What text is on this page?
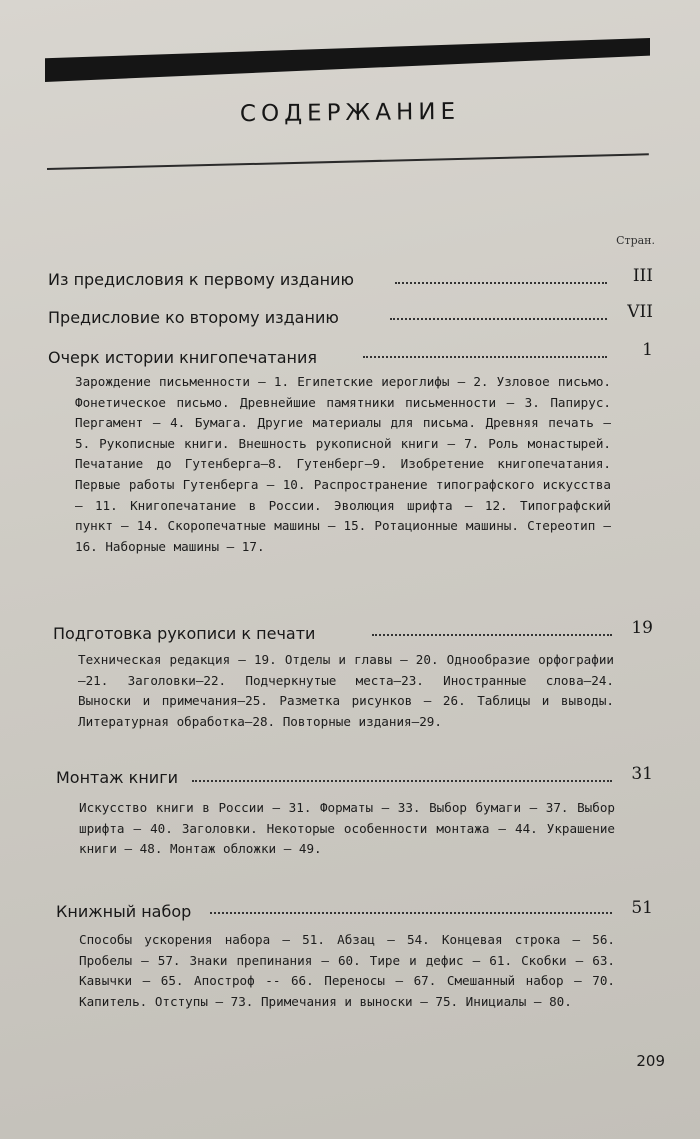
СОДЕРЖАНИЕ
Стран.
Из предисловия к первому изданию	III
Предисловие ко второму изданию	VII
Очерк истории книгопечатания	1
Зарождение письменности — 1. Египетские иероглифы — 2. Узловое письмо. Фонетическое письмо. Древнейшие памятники письменности — 3. Папирус. Пергамент — 4. Бумага. Другие материалы для письма. Древняя печать — 5. Рукописные книги. Внешность рукописной книги — 7. Роль монастырей. Печатание до Гутенберга—8. Гутенберг—9. Изобретение книгопечатания. Первые работы Гутенберга — 10. Распространение типографского искусства — 11. Книгопечатание в России. Эволюция шрифта — 12. Типографский пункт — 14. Скоропечатные машины — 15. Ротационные машины. Стереотип — 16. Наборные машины — 17.
Подготовка рукописи к печати	19
Техническая редакция — 19. Отделы и главы — 20. Однообразие орфографии—21. Заголовки—22. Подчеркнутые места—23. Иностранные слова—24. Выноски и примечания—25. Разметка рисунков — 26. Таблицы и выводы. Литературная обработка—28. Повторные издания—29.
Монтаж книги	31
Искусство книги в России — 31. Форматы — 33. Выбор бумаги — 37. Выбор шрифта — 40. Заголовки. Некоторые особенности монтажа — 44. Украшение книги — 48. Монтаж обложки — 49.
Книжный набор	51
Способы ускорения набора — 51. Абзац — 54. Концевая строка — 56. Пробелы — 57. Знаки препинания — 60. Тире и дефис — 61. Скобки — 63. Кавычки — 65. Апостроф -- 66. Переносы — 67. Смешанный набор — 70. Капитель. Отступы — 73. Примечания и выноски — 75. Инициалы — 80.
209
